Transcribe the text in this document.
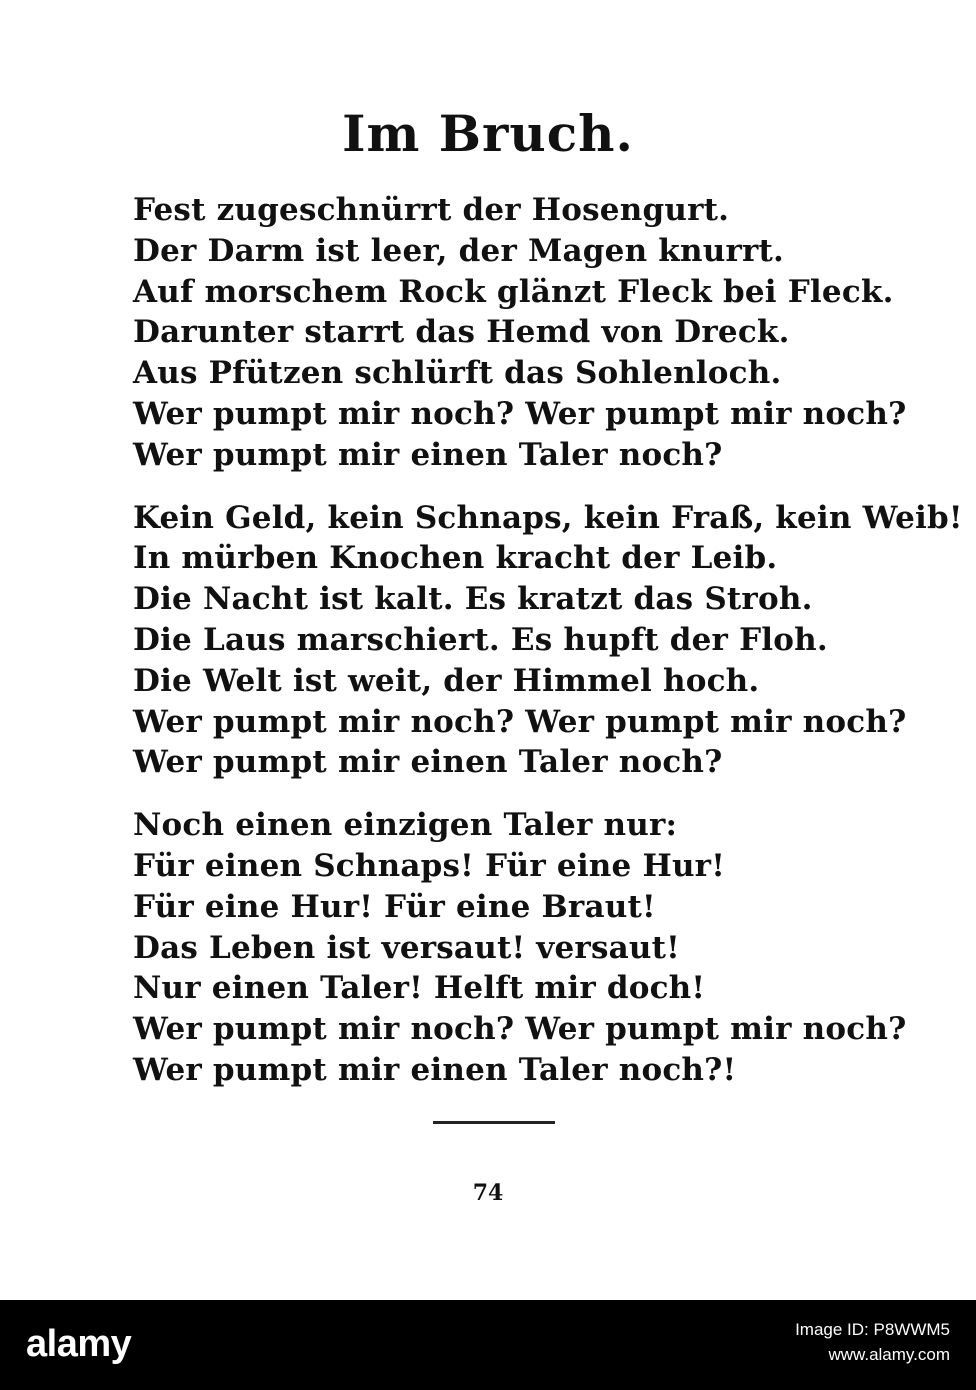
Im Bruch.
Fest zugeschnürrt der Hosengurt.
Der Darm ist leer, der Magen knurrt.
Auf morschem Rock glänzt Fleck bei Fleck.
Darunter starrt das Hemd von Dreck.
Aus Pfützen schlürft das Sohlenloch.
Wer pumpt mir noch? Wer pumpt mir noch?
Wer pumpt mir einen Taler noch?
Kein Geld, kein Schnaps, kein Fraß, kein Weib!
In mürben Knochen kracht der Leib.
Die Nacht ist kalt. Es kratzt das Stroh.
Die Laus marschiert. Es hupft der Floh.
Die Welt ist weit, der Himmel hoch.
Wer pumpt mir noch? Wer pumpt mir noch?
Wer pumpt mir einen Taler noch?
Noch einen einzigen Taler nur:
Für einen Schnaps! Für eine Hur!
Für eine Hur! Für eine Braut!
Das Leben ist versaut! versaut!
Nur einen Taler! Helft mir doch!
Wer pumpt mir noch? Wer pumpt mir noch?
Wer pumpt mir einen Taler noch?!
74
alamy	Image ID: P8WWM5
www.alamy.com
